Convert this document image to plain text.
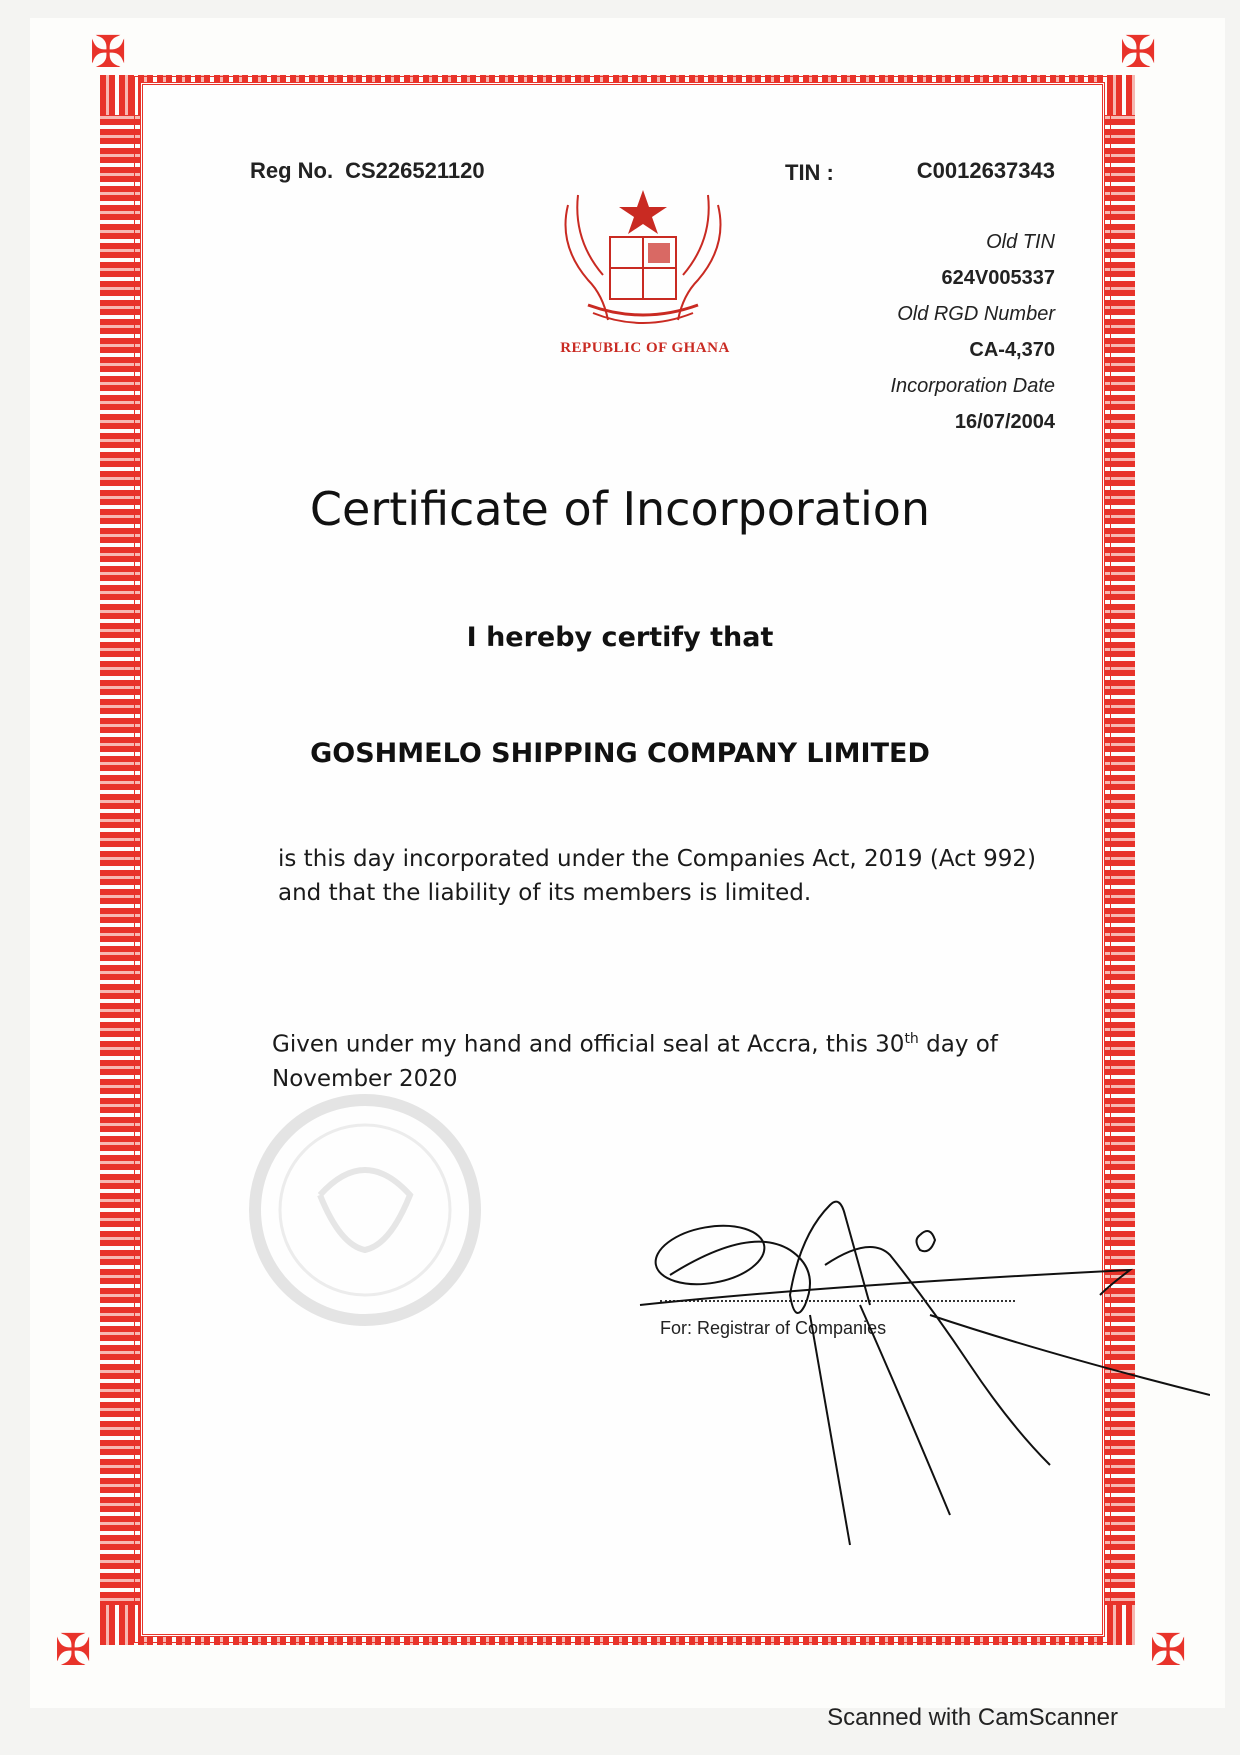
✠	✠
✠	✠
Reg No. CS226521120	TIN :	C0012637343
Old TIN
624V005337
Old RGD Number
CA-4,370
Incorporation Date
16/07/2004
REPUBLIC OF GHANA
Certificate of Incorporation
I hereby certify that
GOSHMELO SHIPPING COMPANY LIMITED
is this day incorporated under the Companies Act, 2019 (Act 992) and that the liability of its members is limited.
Given under my hand and official seal at Accra, this 30th day of November 2020
For: Registrar of Companies
Scanned with CamScanner
